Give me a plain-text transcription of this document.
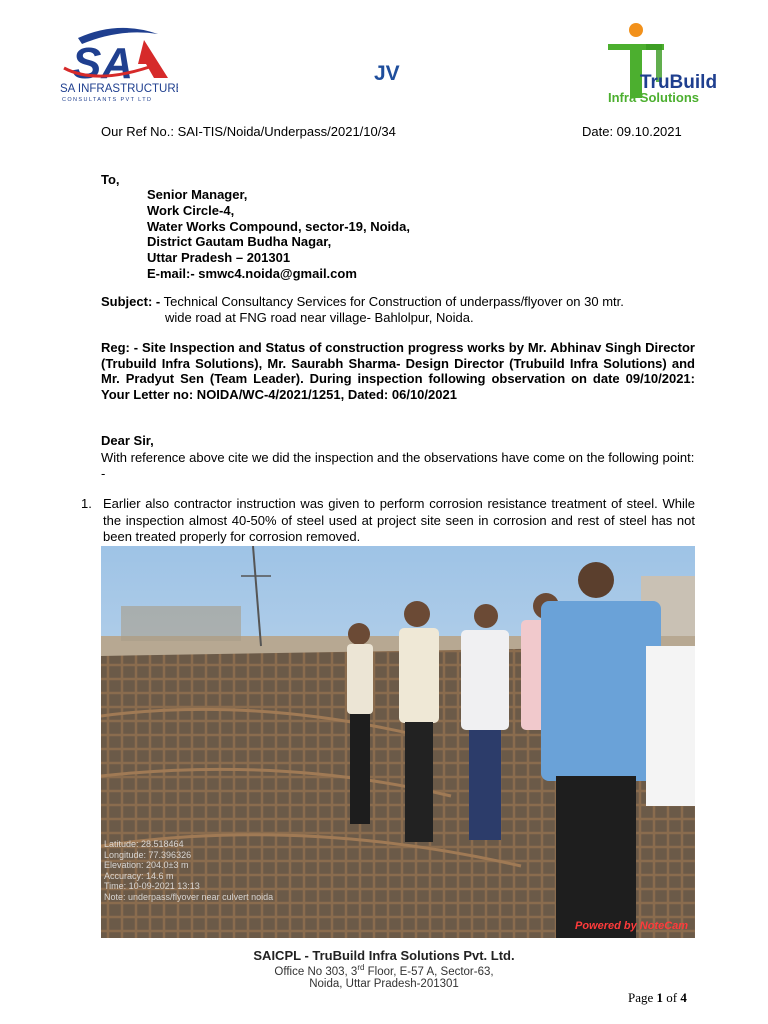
SA
SA INFRASTRUCTURE
CONSULTANTS PVT LTD
JV	TruBuild
Infra Solutions
Our Ref No.: SAI-TIS/Noida/Underpass/2021/10/34	Date: 09.10.2021
To,
Senior Manager,
Work Circle-4,
Water Works Compound, sector-19, Noida,
District Gautam Budha Nagar,
Uttar Pradesh – 201301
E-mail:- smwc4.noida@gmail.com
Subject: - Technical Consultancy Services for Construction of underpass/flyover on 30 mtr.
wide road at FNG road near village- Bahlolpur, Noida.
Reg: - Site Inspection and Status of construction progress works by Mr. Abhinav Singh Director (Trubuild Infra Solutions), Mr. Saurabh Sharma- Design Director (Trubuild Infra Solutions) and Mr. Pradyut Sen (Team Leader). During inspection following observation on date 09/10/2021: Your Letter no: NOIDA/WC-4/2021/1251, Dated: 06/10/2021
Dear Sir,
With reference above cite we did the inspection and the observations have come on the following point: -
1. Earlier also contractor instruction was given to perform corrosion resistance treatment of steel. While the inspection almost 40-50% of steel used at project site seen in corrosion and rest of steel has not been treated properly for corrosion removed.
Latitude: 28.518464
Longitude: 77.396326
Elevation: 204.0±3 m
Accuracy: 14.6 m
Time: 10-09-2021 13:13
Note: underpass/flyover near culvert noida
Powered by NoteCam
SAICPL - TruBuild Infra Solutions Pvt. Ltd.
Office No 303, 3rd Floor, E-57 A, Sector-63,
Noida, Uttar Pradesh-201301
Page 1 of 4
